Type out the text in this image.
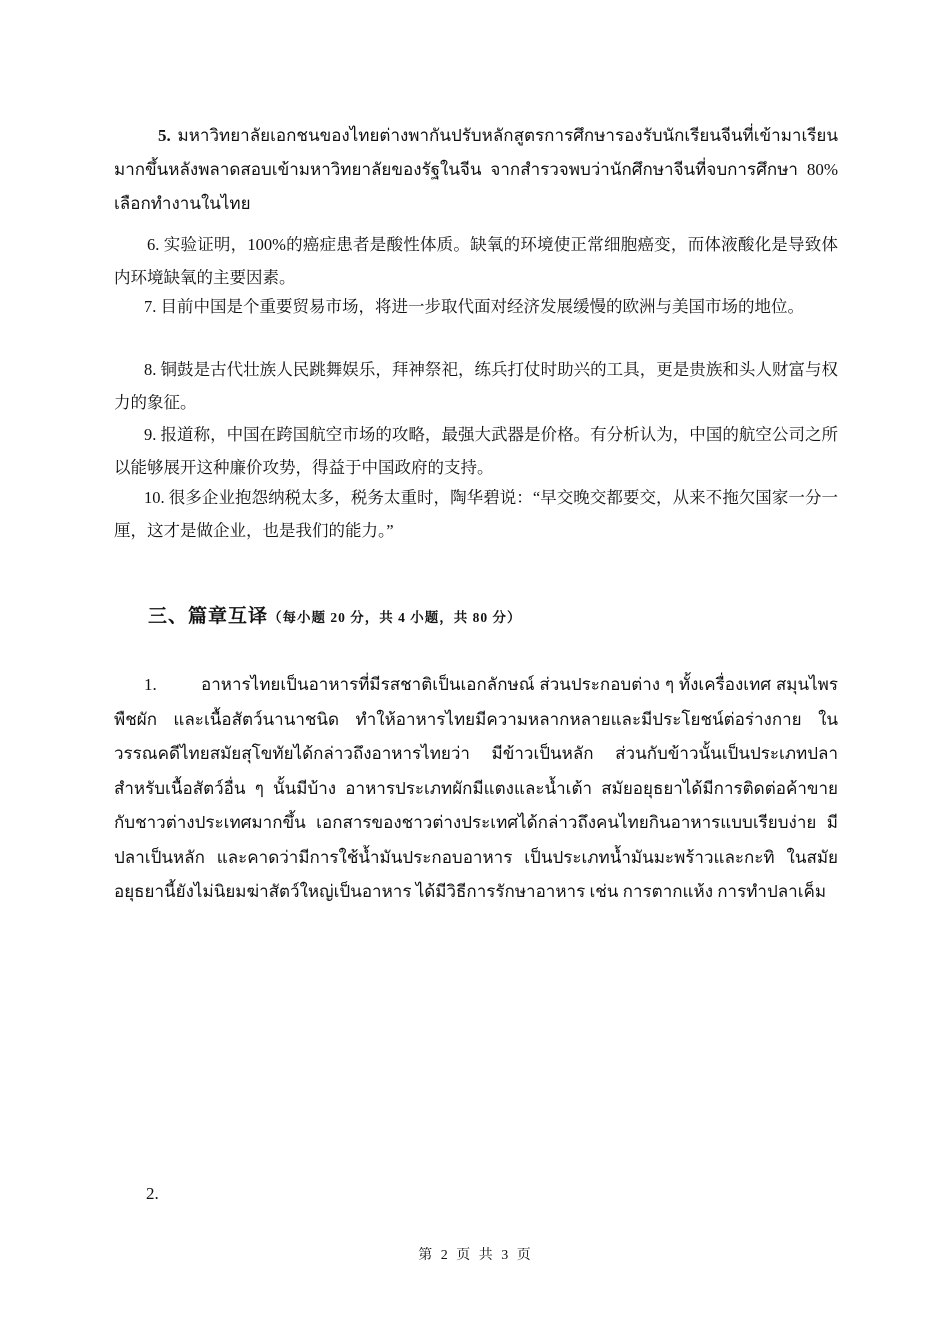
5. มหาวิทยาลัยเอกชนของไทยต่างพากันปรับหลักสูตรการศึกษารองรับนักเรียนจีนที่เข้ามาเรียนมากขึ้นหลังพลาดสอบเข้ามหาวิทยาลัยของรัฐในจีน จากสำรวจพบว่านักศึกษาจีนที่จบการศึกษา 80% เลือกทำงานในไทย

6. 实验证明，100%的癌症患者是酸性体质。缺氧的环境使正常细胞癌变，而体液酸化是导致体内环境缺氧的主要因素。

7. 目前中国是个重要贸易市场，将进一步取代面对经济发展缓慢的欧洲与美国市场的地位。

8. 铜鼓是古代壮族人民跳舞娱乐，拜神祭祀，练兵打仗时助兴的工具，更是贵族和头人财富与权力的象征。

9. 报道称，中国在跨国航空市场的攻略，最强大武器是价格。有分析认为，中国的航空公司之所以能够展开这种廉价攻势，得益于中国政府的支持。

10. 很多企业抱怨纳税太多，税务太重时，陶华碧说：“早交晚交都要交，从来不拖欠国家一分一厘，这才是做企业，也是我们的能力。”

三、篇章互译（每小题 20 分，共 4 小题，共 80 分）

1.	อาหารไทยเป็นอาหารที่มีรสชาติเป็นเอกลักษณ์ ส่วนประกอบต่าง ๆ ทั้งเครื่องเทศ สมุนไพร พืชผัก และเนื้อสัตว์นานาชนิด ทำให้อาหารไทยมีความหลากหลายและมีประโยชน์ต่อร่างกาย ในวรรณคดีไทยสมัยสุโขทัยได้กล่าวถึงอาหารไทยว่า มีข้าวเป็นหลัก ส่วนกับข้าวนั้นเป็นประเภทปลา สำหรับเนื้อสัตว์อื่น ๆ นั้นมีบ้าง อาหารประเภทผักมีแตงและน้ำเต้า สมัยอยุธยาได้มีการติดต่อค้าขายกับชาวต่างประเทศมากขึ้น เอกสารของชาวต่างประเทศได้กล่าวถึงคนไทยกินอาหารแบบเรียบง่าย มีปลาเป็นหลัก และคาดว่ามีการใช้น้ำมันประกอบอาหาร เป็นประเภทน้ำมันมะพร้าวและกะทิ ในสมัยอยุธยานี้ยังไม่นิยมฆ่าสัตว์ใหญ่เป็นอาหาร ได้มีวิธีการรักษาอาหาร เช่น การตากแห้ง การทำปลาเค็ม

2.

第 2 页 共 3 页
